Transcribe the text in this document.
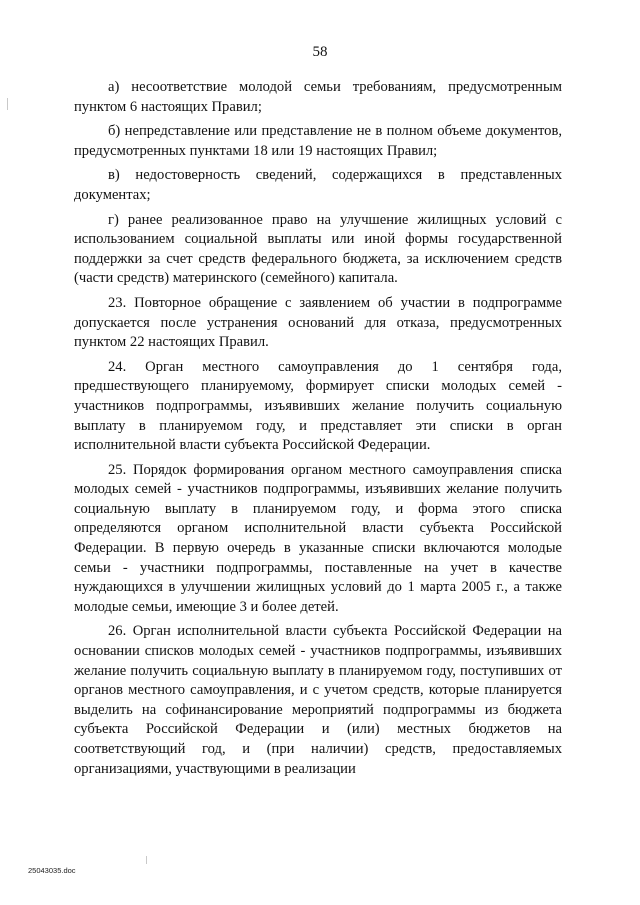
58

а) несоответствие молодой семьи требованиям, предусмотренным пунктом 6 настоящих Правил;

б) непредставление или представление не в полном объеме документов, предусмотренных пунктами 18 или 19 настоящих Правил;

в) недостоверность сведений, содержащихся в представленных документах;

г) ранее реализованное право на улучшение жилищных условий с использованием социальной выплаты или иной формы государственной поддержки за счет средств федерального бюджета, за исключением средств (части средств) материнского (семейного) капитала.

23. Повторное обращение с заявлением об участии в подпрограмме допускается после устранения оснований для отказа, предусмотренных пунктом 22 настоящих Правил.

24. Орган местного самоуправления до 1 сентября года, предшествующего планируемому, формирует списки молодых семей - участников подпрограммы, изъявивших желание получить социальную выплату в планируемом году, и представляет эти списки в орган исполнительной власти субъекта Российской Федерации.

25. Порядок формирования органом местного самоуправления списка молодых семей - участников подпрограммы, изъявивших желание получить социальную выплату в планируемом году, и форма этого списка определяются органом исполнительной власти субъекта Российской Федерации. В первую очередь в указанные списки включаются молодые семьи - участники подпрограммы, поставленные на учет в качестве нуждающихся в улучшении жилищных условий до 1 марта 2005 г., а также молодые семьи, имеющие 3 и более детей.

26. Орган исполнительной власти субъекта Российской Федерации на основании списков молодых семей - участников подпрограммы, изъявивших желание получить социальную выплату в планируемом году, поступивших от органов местного самоуправления, и с учетом средств, которые планируется выделить на софинансирование мероприятий подпрограммы из бюджета субъекта Российской Федерации и (или) местных бюджетов на соответствующий год, и (при наличии) средств, предоставляемых организациями, участвующими в реализации

25043035.doc
